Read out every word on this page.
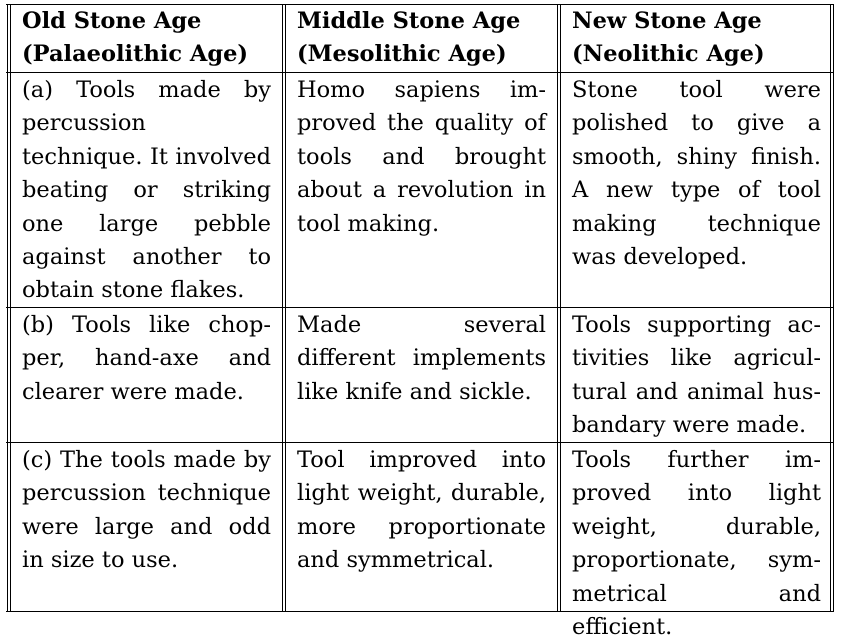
Old Stone Age

(Palaeolithic Age)

Middle Stone Age

(Mesolithic Age)

New Stone Age

(Neolithic Age)

(a) Tools made by percussion technique. It involved beating or striking one large pebble against another to obtain stone flakes.
Homo sapiens improved the quality of tools and brought about a revolution in tool making.
Stone tool were polished to give a smooth, shiny finish. A new type of tool making technique was developed.
(b) Tools like chopper, hand-axe and clearer were made.
Made several different implements like knife and sickle.
Tools supporting activities like agricultural and animal husbandary were made.
(c) The tools made by percussion technique were large and odd in size to use.
Tool improved into light weight, durable, more proportionate and symmetrical.
Tools further improved into light weight, durable, proportionate, symmetrical and efficient.
